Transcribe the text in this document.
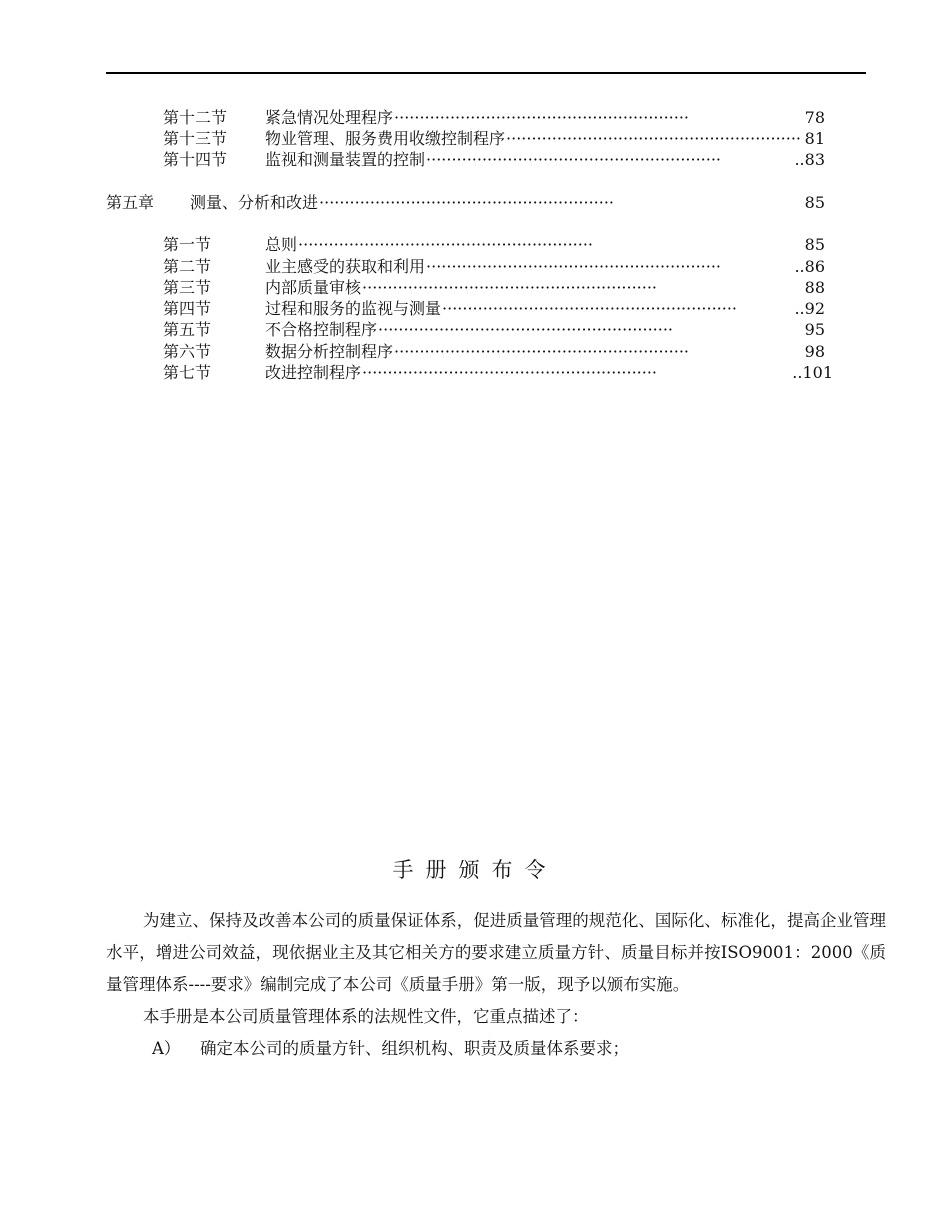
第十二节	紧急情况处理程序 ··························································	78
第十三节	物业管理、服务费用收缴控制程序 ·························································· 81
第十四节	监视和测量装置的控制 ··························································	..83
第五章	测量、分析和改进 ··························································	85
第一节	总则 ··························································	85
第二节	业主感受的获取和利用 ··························································	..86
第三节	内部质量审核 ··························································	88
第四节	过程和服务的监视与测量 ··························································	..92
第五节	不合格控制程序 ··························································	95
第六节	数据分析控制程序 ··························································	98
第七节	改进控制程序 ··························································	..101
手册颁布令

为建立、保持及改善本公司的质量保证体系，促进质量管理的规范化、国际化、标准化，提高企业管理水平，增进公司效益，现依据业主及其它相关方的要求建立质量方针、质量目标并按ISO9001：2000《质量管理体系----要求》编制完成了本公司《质量手册》第一版，现予以颁布实施。

本手册是本公司质量管理体系的法规性文件，它重点描述了：

A）	确定本公司的质量方针、组织机构、职责及质量体系要求；
